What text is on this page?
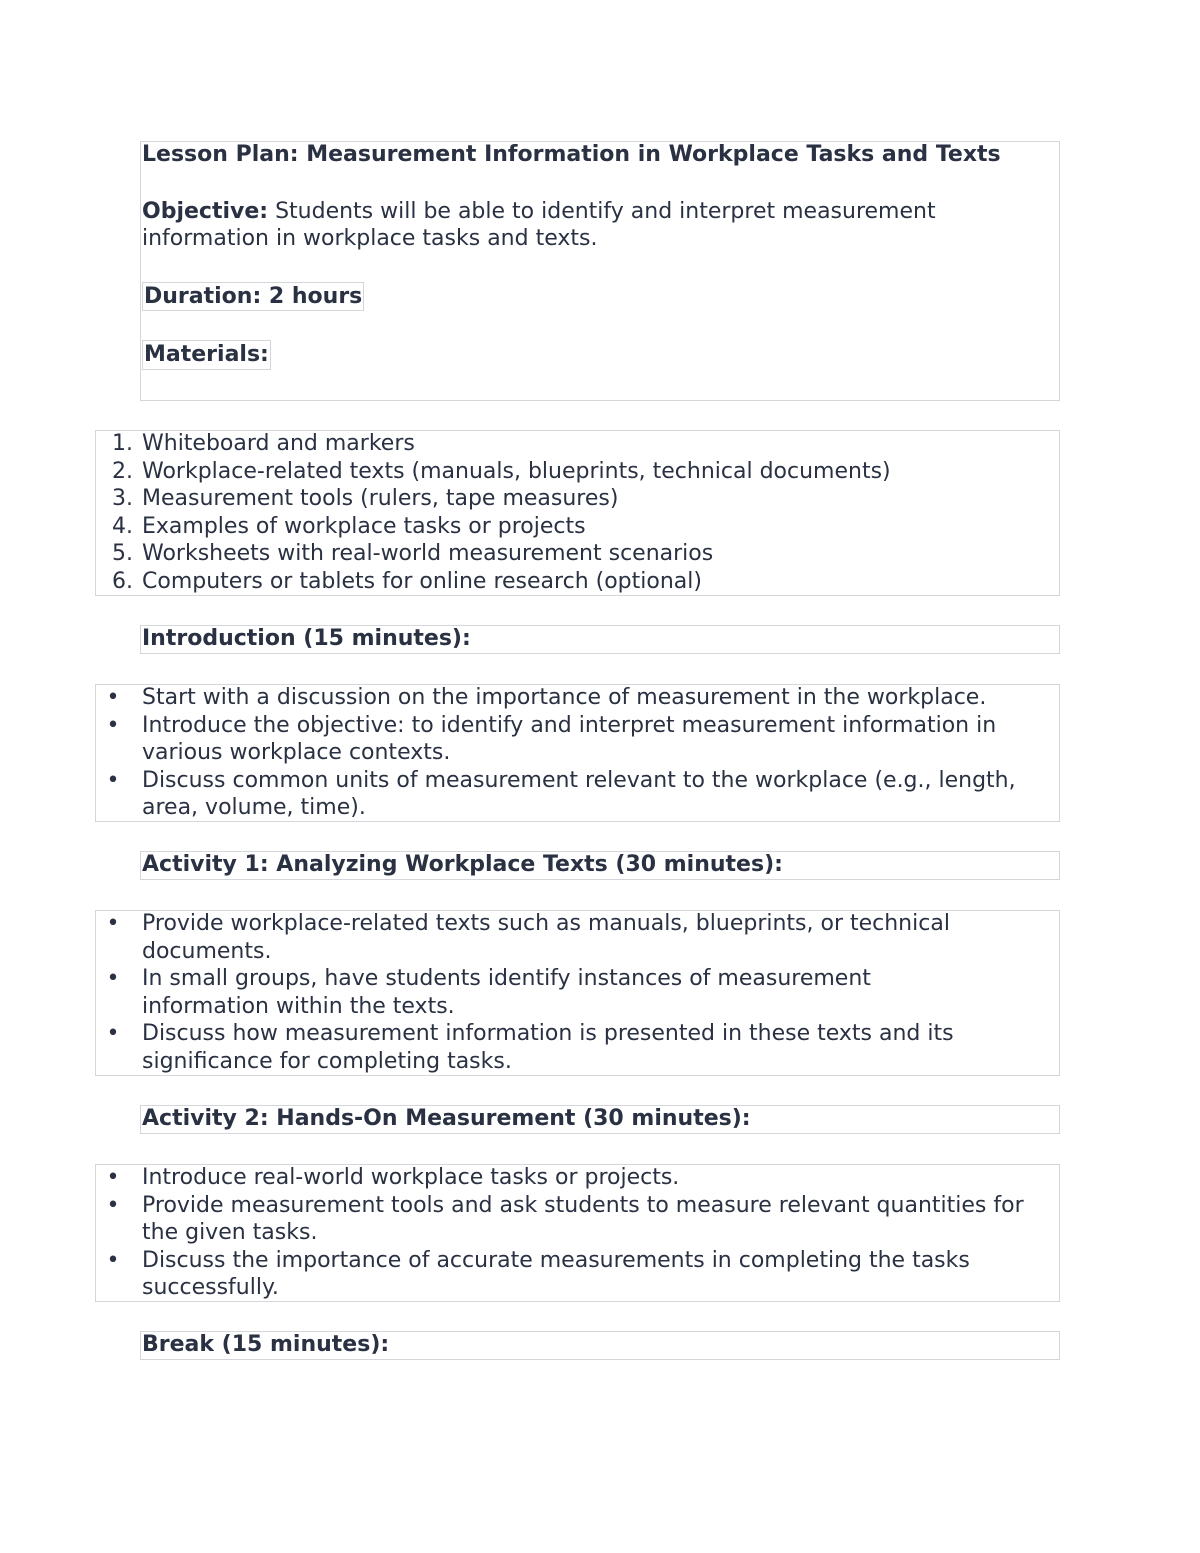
Lesson Plan: Measurement Information in Workplace Tasks and Texts
Objective: Students will be able to identify and interpret measurement information in workplace tasks and texts.
Duration: 2 hours
Materials:
1. Whiteboard and markers
2. Workplace-related texts (manuals, blueprints, technical documents)
3. Measurement tools (rulers, tape measures)
4. Examples of workplace tasks or projects
5. Worksheets with real-world measurement scenarios
6. Computers or tablets for online research (optional)
Introduction (15 minutes):
• Start with a discussion on the importance of measurement in the workplace.
• Introduce the objective: to identify and interpret measurement information in various workplace contexts.
• Discuss common units of measurement relevant to the workplace (e.g., length, area, volume, time).
Activity 1: Analyzing Workplace Texts (30 minutes):
• Provide workplace-related texts such as manuals, blueprints, or technical documents.
• In small groups, have students identify instances of measurement information within the texts.
• Discuss how measurement information is presented in these texts and its significance for completing tasks.
Activity 2: Hands-On Measurement (30 minutes):
• Introduce real-world workplace tasks or projects.
• Provide measurement tools and ask students to measure relevant quantities for the given tasks.
• Discuss the importance of accurate measurements in completing the tasks successfully.
Break (15 minutes):
